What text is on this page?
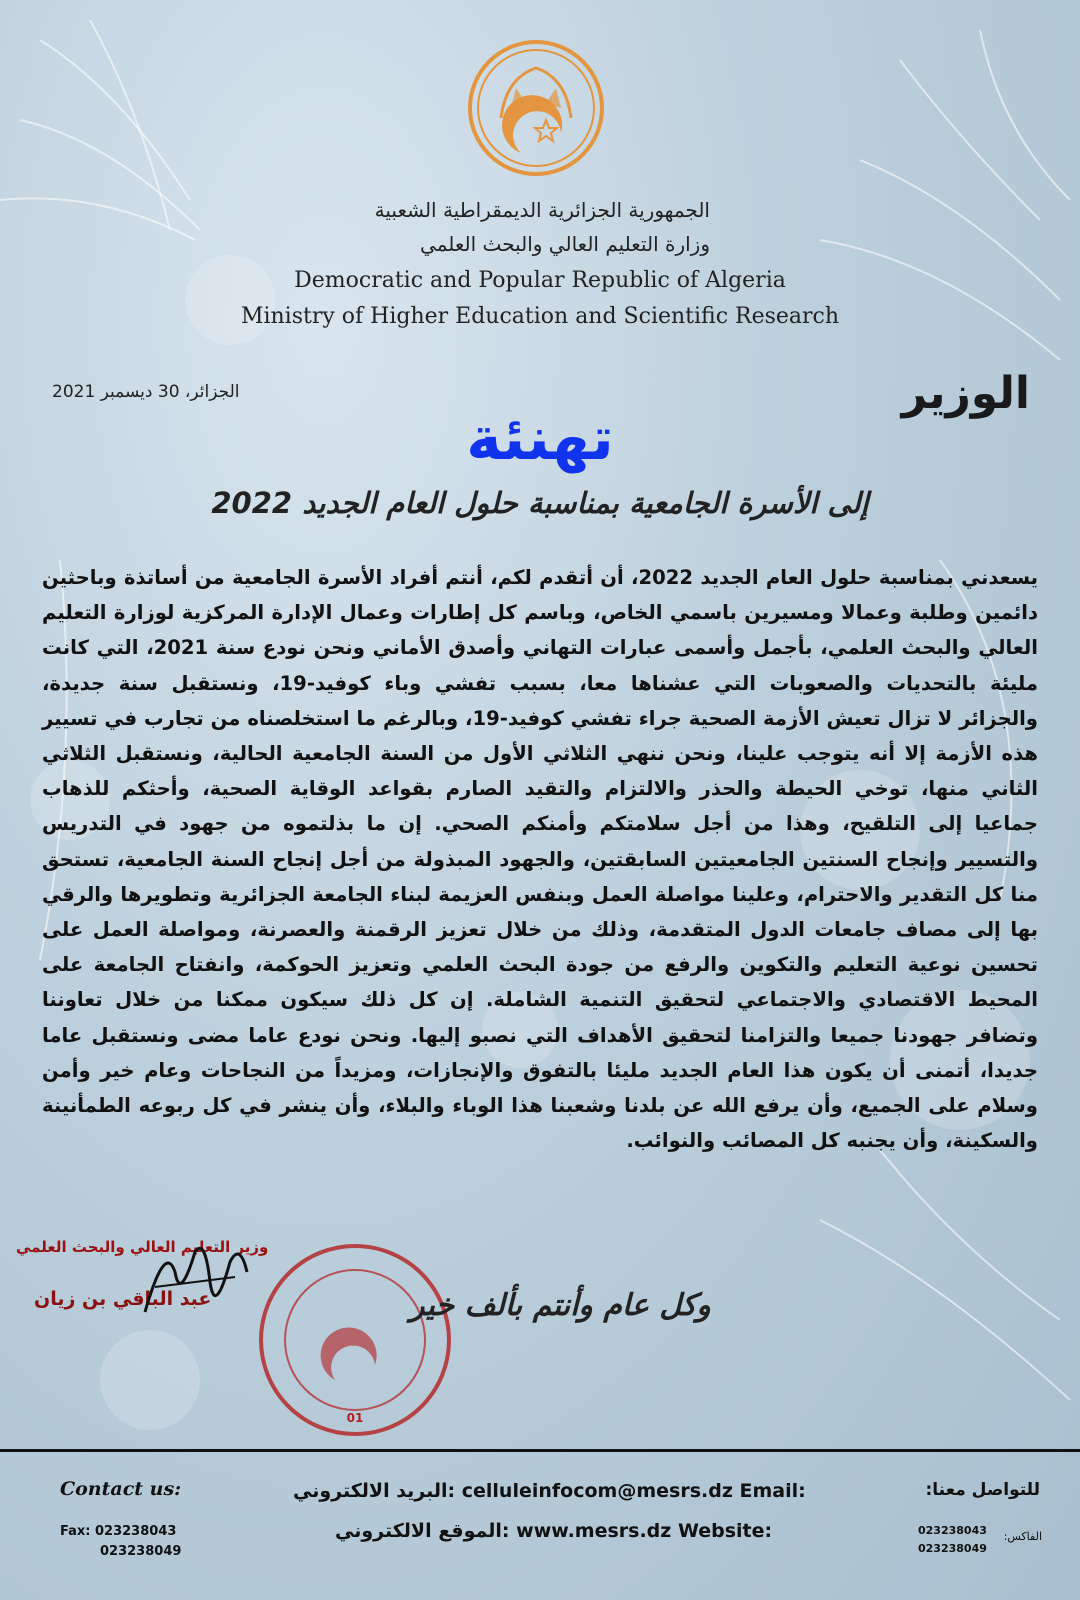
الجمهورية الجزائرية الديمقراطية الشعبية
وزارة التعليم العالي والبحث العلمي
Democratic and Popular Republic of Algeria
Ministry of Higher Education and Scientific Research
الوزير
الجزائر، 30 ديسمبر 2021
تهنئة
إلى الأسرة الجامعية بمناسبة حلول العام الجديد 2022
يسعدني بمناسبة حلول العام الجديد 2022، أن أتقدم لكم، أنتم أفراد الأسرة الجامعية من أساتذة وباحثين دائمين وطلبة وعمالا ومسيرين باسمي الخاص، وباسم كل إطارات وعمال الإدارة المركزية لوزارة التعليم العالي والبحث العلمي، بأجمل وأسمى عبارات التهاني وأصدق الأماني ونحن نودع سنة 2021، التي كانت مليئة بالتحديات والصعوبات التي عشناها معا، بسبب تفشي وباء كوفيد-19، ونستقبل سنة جديدة، والجزائر لا تزال تعيش الأزمة الصحية جراء تفشي كوفيد-19، وبالرغم ما استخلصناه من تجارب في تسيير هذه الأزمة إلا أنه يتوجب علينا، ونحن ننهي الثلاثي الأول من السنة الجامعية الحالية، ونستقبل الثلاثي الثاني منها، توخي الحيطة والحذر والالتزام والتقيد الصارم بقواعد الوقاية الصحية، وأحثكم للذهاب جماعيا إلى التلقيح، وهذا من أجل سلامتكم وأمنكم الصحي. إن ما بذلتموه من جهود في التدريس والتسيير وإنجاح السنتين الجامعيتين السابقتين، والجهود المبذولة من أجل إنجاح السنة الجامعية، تستحق منا كل التقدير والاحترام، وعلينا مواصلة العمل وبنفس العزيمة لبناء الجامعة الجزائرية وتطويرها والرقي بها إلى مصاف جامعات الدول المتقدمة، وذلك من خلال تعزيز الرقمنة والعصرنة، ومواصلة العمل على تحسين نوعية التعليم والتكوين والرفع من جودة البحث العلمي وتعزيز الحوكمة، وانفتاح الجامعة على المحيط الاقتصادي والاجتماعي لتحقيق التنمية الشاملة. إن كل ذلك سيكون ممكنا من خلال تعاوننا وتضافر جهودنا جميعا والتزامنا لتحقيق الأهداف التي نصبو إليها. ونحن نودع عاما مضى ونستقبل عاما جديدا، أتمنى أن يكون هذا العام الجديد مليئا بالتفوق والإنجازات، ومزيداً من النجاحات وعام خير وأمن وسلام على الجميع، وأن يرفع الله عن بلدنا وشعبنا هذا الوباء والبلاء، وأن ينشر في كل ربوعه الطمأنينة والسكينة، وأن يجنبه كل المصائب والنوائب.
01
وزير التعليم العالي والبحث العلمي
عبد الباقي بن زيان	وكل عام وأنتم بألف خير
Contact us:
Fax: 023238043
023238049
البريد الالكتروني: celluleinfocom@mesrs.dz Email:
الموقع الالكتروني: www.mesrs.dz Website:
للتواصل معنا:
الفاكس:
023238043
023238049
